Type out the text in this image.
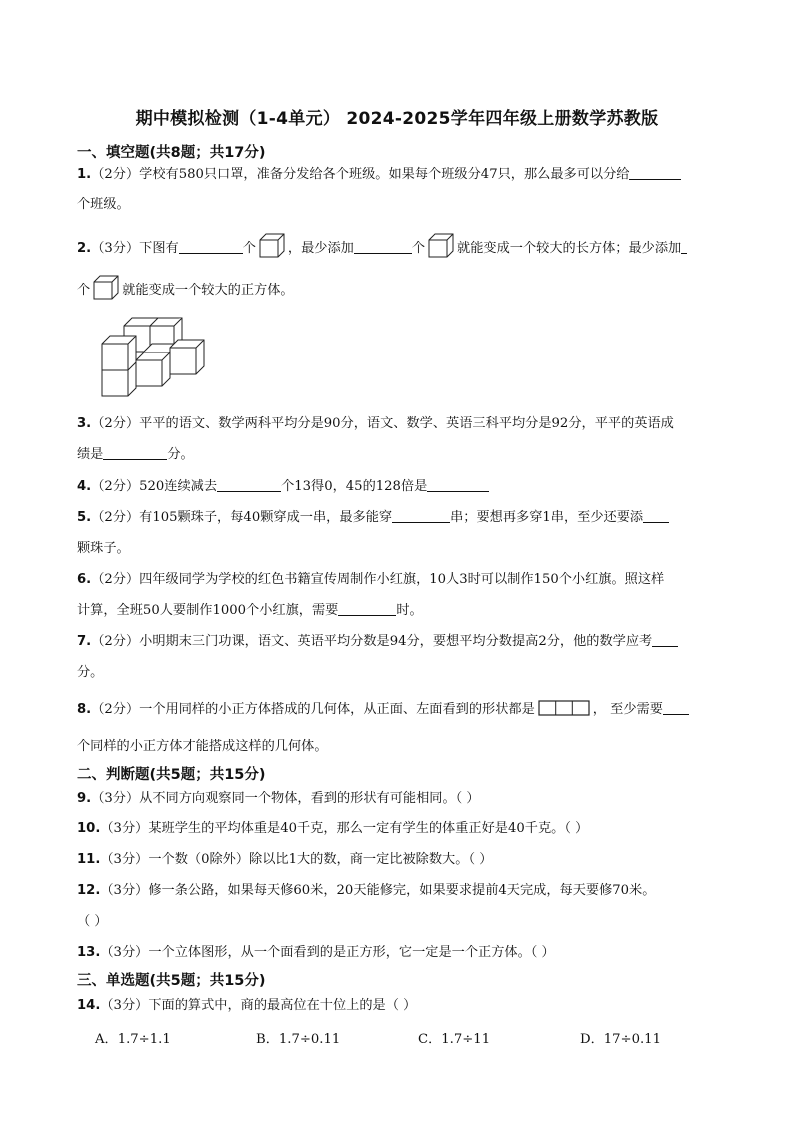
期中模拟检测（1-4单元） 2024-2025学年四年级上册数学苏教版
一、填空题(共8题；共17分)
1.（2分）学校有580只口罩，准备分发给各个班级。如果每个班级分47只，那么最多可以分给
个班级。
2.（3分）下图有	个 ，最少添加	个 就能变成一个较大的长方体；最少添加
个 就能变成一个较大的正方体。
3.（2分）平平的语文、数学两科平均分是90分，语文、数学、英语三科平均分是92分，平平的英语成
绩是	分。
4.（2分）520连续减去	个13得0，45的128倍是
5.（2分）有105颗珠子，每40颗穿成一串，最多能穿	串；要想再多穿1串，至少还要添
颗珠子。
6.（2分）四年级同学为学校的红色书籍宣传周制作小红旗，10人3时可以制作150个小红旗。照这样
计算，全班50人要制作1000个小红旗，需要	时。
7.（2分）小明期末三门功课，语文、英语平均分数是94分，要想平均分数提高2分，他的数学应考
分。
8.（2分）一个用同样的小正方体搭成的几何体，从正面、左面看到的形状都是	， 至少需要
个同样的小正方体才能搭成这样的几何体。
二、判断题(共5题；共15分)
9.（3分）从不同方向观察同一个物体，看到的形状有可能相同。（ ）
10.（3分）某班学生的平均体重是40千克，那么一定有学生的体重正好是40千克。（ ）
11.（3分）一个数（0除外）除以比1大的数，商一定比被除数大。（ ）
12.（3分）修一条公路，如果每天修60米，20天能修完，如果要求提前4天完成，每天要修70米。
（ ）
13.（3分）一个立体图形，从一个面看到的是正方形，它一定是一个正方体。（ ）
三、单选题(共5题；共15分)
14.（3分）下面的算式中，商的最高位在十位上的是（ ）
A．1.7÷1.1	B．1.7÷0.11	C．1.7÷11	D．17÷0.11
